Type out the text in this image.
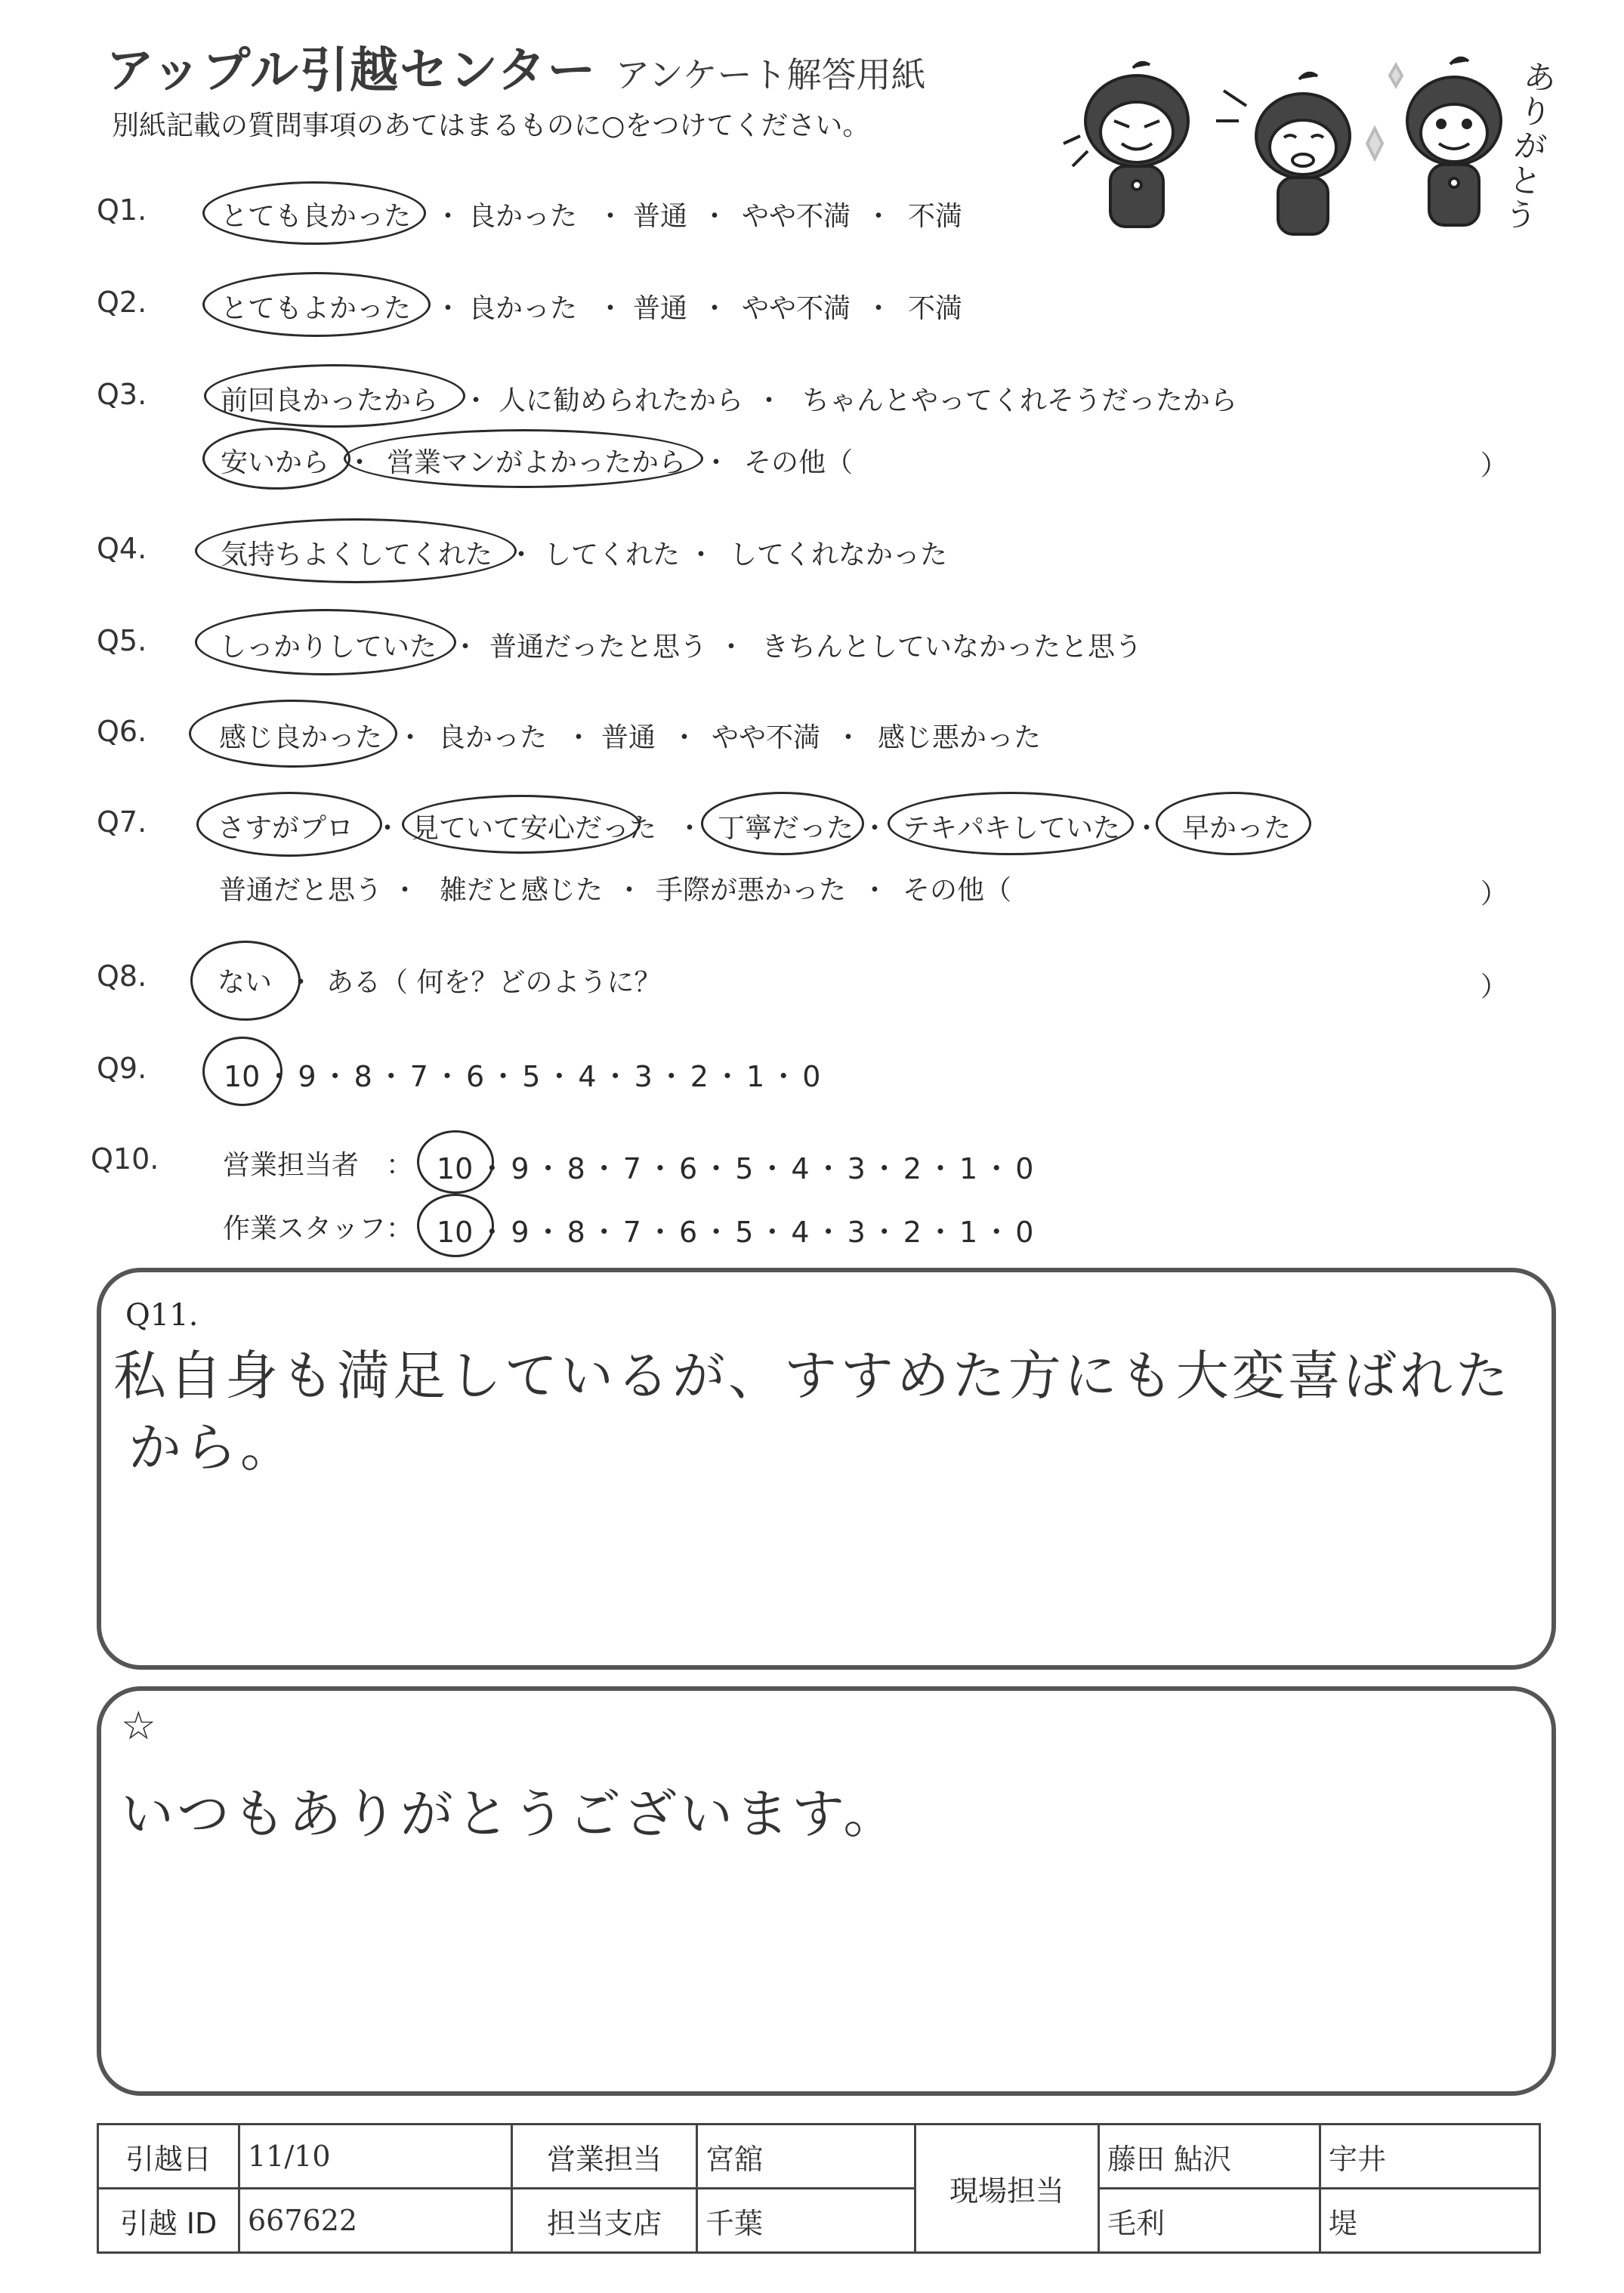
アップル引越センター アンケート解答用紙
別紙記載の質問事項のあてはまるものに○をつけてください。
ありがとう
Q1.	とても良かった ・ 良かった ・ 普通 ・ やや不満 ・ 不満
Q2.	とてもよかった ・ 良かった ・ 普通 ・ やや不満 ・ 不満
Q3.	前回良かったから ・ 人に勧められたから ・ ちゃんとやってくれそうだったから
安いから ・ 営業マンがよかったから ・ その他（	）
Q4.	気持ちよくしてくれた ・ してくれた ・ してくれなかった
Q5.	しっかりしていた ・ 普通だったと思う ・ きちんとしていなかったと思う
Q6.	感じ良かった ・ 良かった ・ 普通 ・ やや不満 ・ 感じ悪かった
Q7.	さすがプロ ・ 見ていて安心だった ・ 丁寧だった ・ テキパキしていた ・ 早かった
普通だと思う ・ 雑だと感じた ・ 手際が悪かった ・ その他（	）
Q8.	ない ・ ある（ 何を？どのように？	）
Q9.	10 ・ 9 ・ 8 ・ 7 ・ 6 ・ 5 ・ 4 ・ 3 ・ 2 ・ 1 ・ 0
Q10. 営業担当者　： 10 ・ 9 ・ 8 ・ 7 ・ 6 ・ 5 ・ 4 ・ 3 ・ 2 ・ 1 ・ 0
作業スタッフ： 10 ・ 9 ・ 8 ・ 7 ・ 6 ・ 5 ・ 4 ・ 3 ・ 2 ・ 1 ・ 0
Q11.
私自身も満足しているが、すすめた方にも大変喜ばれた
から。
☆
いつもありがとうございます。
引越日	11/10	営業担当	宮舘	現場担当	藤田 鮎沢	宇井
引越 ID	667622	担当支店	千葉		毛利	堤
